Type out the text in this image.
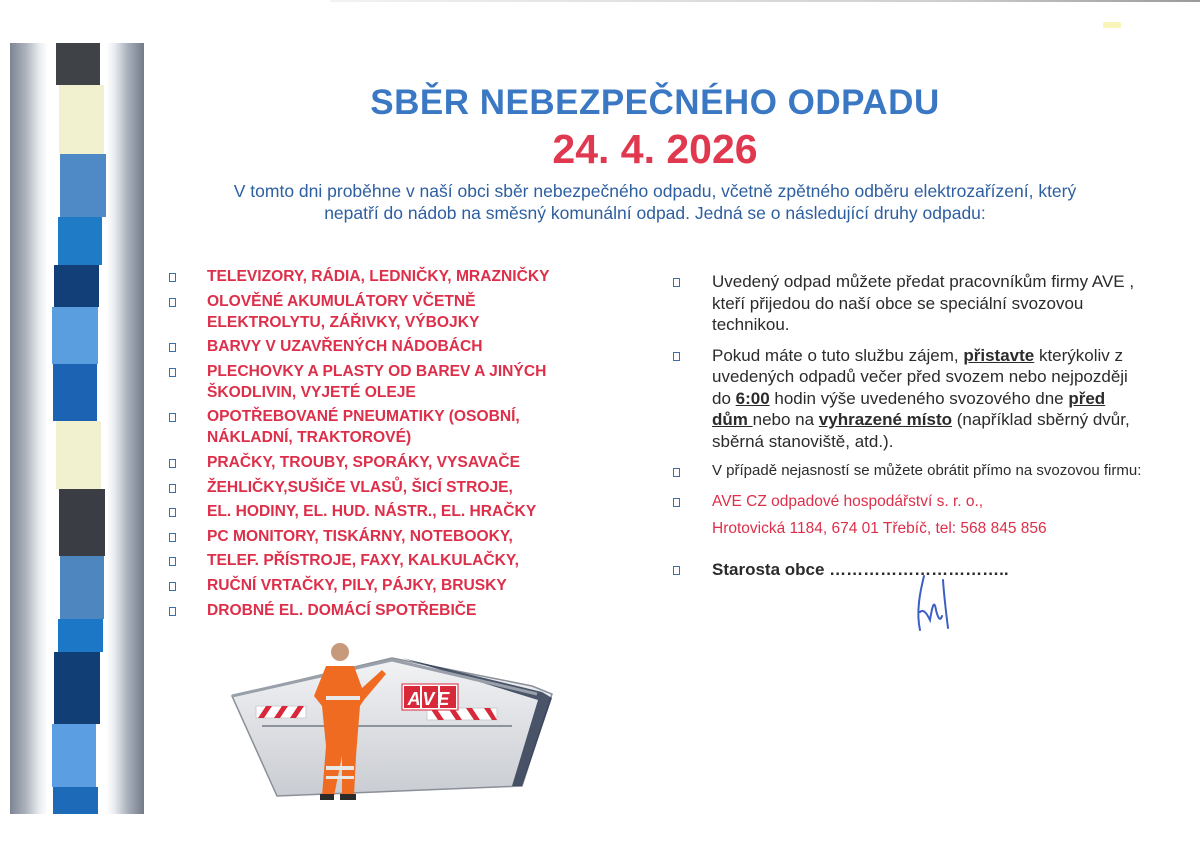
SBĚR NEBEZPEČNÉHO ODPADU
24. 4. 2026
V tomto dni proběhne v naší obci sběr nebezpečného odpadu, včetně zpětného odběru elektrozařízení, který
nepatří do nádob na směsný komunální odpad. Jedná se o následující druhy odpadu:
TELEVIZORY, RÁDIA, LEDNIČKY, MRAZNIČKY
OLOVĚNÉ AKUMULÁTORY VČETNĚ
ELEKTROLYTU, ZÁŘIVKY, VÝBOJKY
BARVY V UZAVŘENÝCH NÁDOBÁCH
PLECHOVKY A PLASTY OD BAREV A JINÝCH
ŠKODLIVIN, VYJETÉ OLEJE
OPOTŘEBOVANÉ PNEUMATIKY (OSOBNÍ,
NÁKLADNÍ, TRAKTOROVÉ)
PRAČKY, TROUBY, SPORÁKY, VYSAVAČE
ŽEHLIČKY,SUŠIČE VLASŮ, ŠICÍ STROJE,
EL. HODINY, EL. HUD. NÁSTR., EL. HRAČKY
PC MONITORY, TISKÁRNY, NOTEBOOKY,
TELEF. PŘÍSTROJE, FAXY, KALKULAČKY,
RUČNÍ VRTAČKY, PILY, PÁJKY, BRUSKY
DROBNÉ EL. DOMÁCÍ SPOTŘEBIČE
Uvedený odpad můžete předat pracovníkům firmy AVE , kteří přijedou do naší obce se speciální svozovou technikou.
Pokud máte o tuto službu zájem, přistavte kterýkoliv z uvedených odpadů večer před svozem nebo nejpozději do 6:00 hodin výše uvedeného svozového dne před dům nebo na vyhrazené místo (například sběrný dvůr, sběrná stanoviště, atd.).
V případě nejasností se můžete obrátit přímo na svozovou firmu:
AVE CZ odpadové hospodářství s. r. o.,
Hrotovická 1184, 674 01 Třebíč, tel: 568 845 856
Starosta obce …………………………..
AVE
